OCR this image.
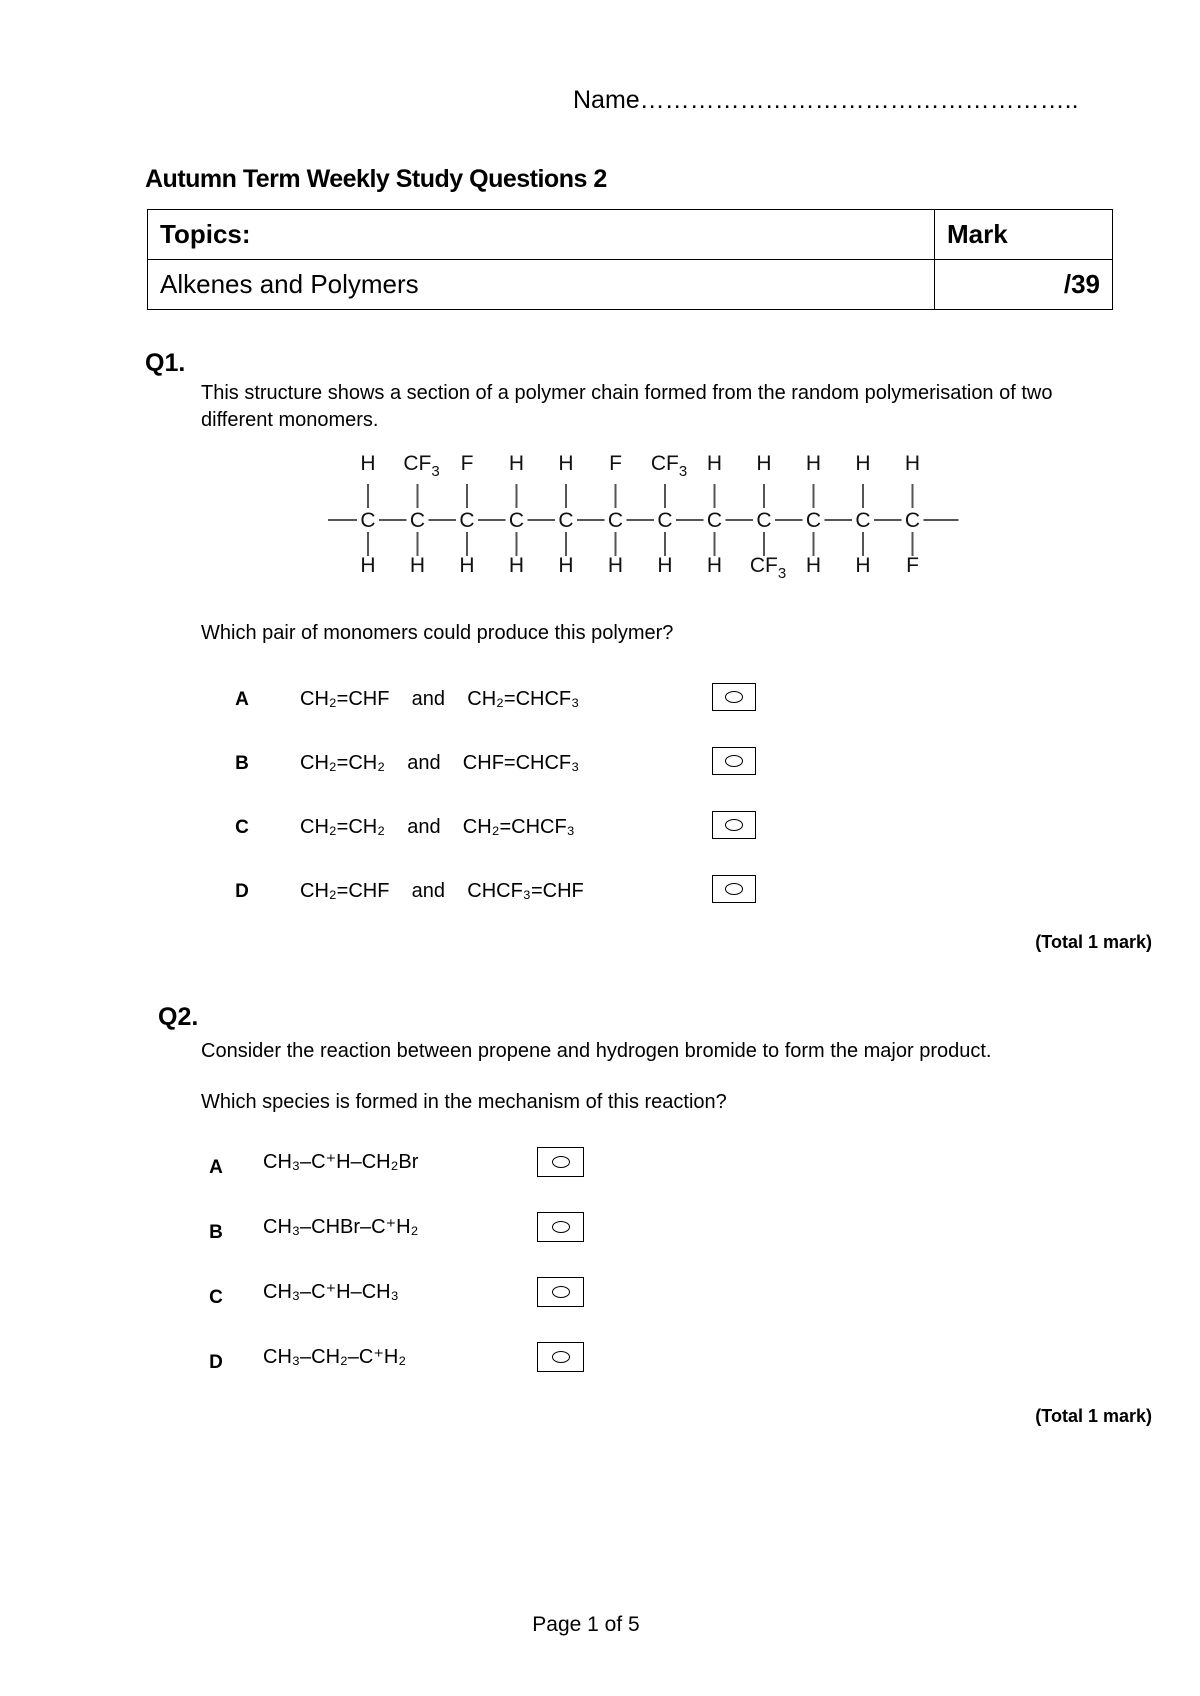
Name……………………………………………..
Autumn Term Weekly Study Questions 2
Topics:	Mark
Alkenes and Polymers	/39
Q1.
This structure shows a section of a polymer chain formed from the random polymerisation of two different monomers.
C
H
H
C
$CF_3$
H
C
F
H
C
H
H
C
H
H
C
F
H
C
$CF_3$
H
C
H
H
C
H
$CF_3$
C
H
H
C
H
H
C
H
F
Which pair of monomers could produce this polymer?
A	CH₂=CHF    and    CH₂=CHCF₃
B	CH₂=CH₂    and    CHF=CHCF₃
C	CH₂=CH₂    and    CH₂=CHCF₃
D	CH₂=CHF    and    CHCF₃=CHF
(Total 1 mark)
Q2.
Consider the reaction between propene and hydrogen bromide to form the major product.
Which species is formed in the mechanism of this reaction?
A CH₃–C⁺H–CH₂Br
B CH₃–CHBr–C⁺H₂
C CH₃–C⁺H–CH₃
D CH₃–CH₂–C⁺H₂
(Total 1 mark)
Page 1 of 5
